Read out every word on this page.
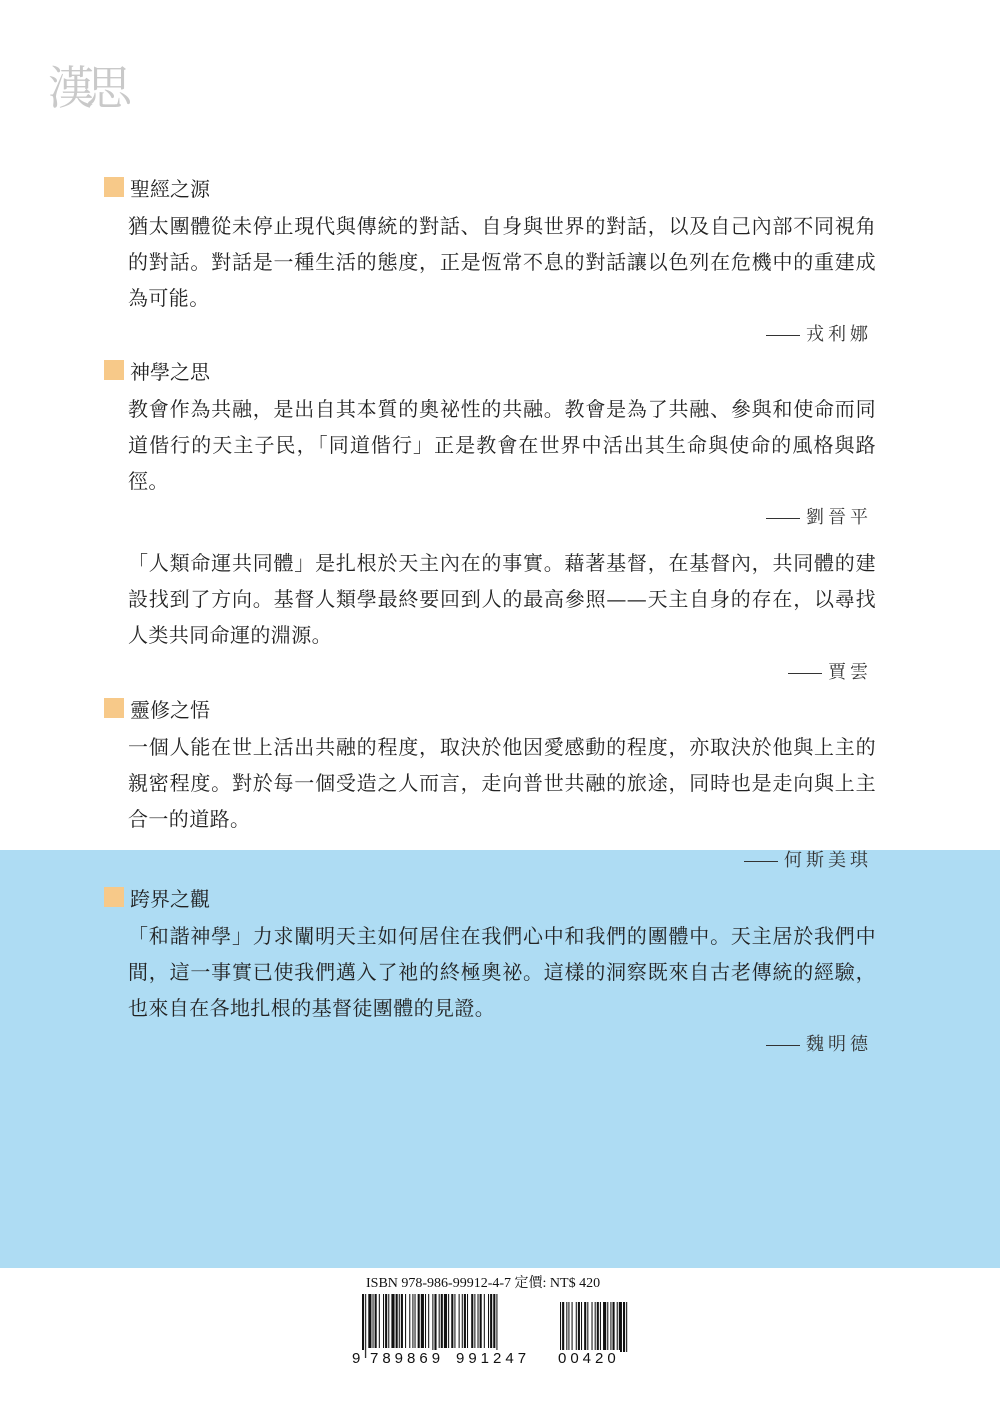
漢思
聖經之源

猶太團體從未停止現代與傳統的對話、自身與世界的對話，以及自己內部不同視角的對話。對話是一種生活的態度，正是恆常不息的對話讓以色列在危機中的重建成為可能。

戎利娜
神學之思

教會作為共融，是出自其本質的奧祕性的共融。教會是為了共融、參與和使命而同道偕行的天主子民，「同道偕行」正是教會在世界中活出其生命與使命的風格與路徑。

劉晉平

「人類命運共同體」是扎根於天主內在的事實。藉著基督，在基督內，共同體的建設找到了方向。基督人類學最終要回到人的最高參照——天主自身的存在，以尋找人类共同命運的淵源。

賈雲
靈修之悟

一個人能在世上活出共融的程度，取決於他因愛感動的程度，亦取決於他與上主的親密程度。對於每一個受造之人而言，走向普世共融的旅途，同時也是走向與上主合一的道路。

何斯美琪
跨界之觀

「和諧神學」力求闡明天主如何居住在我們心中和我們的團體中。天主居於我們中間，這一事實已使我們邁入了祂的終極奧祕。這樣的洞察既來自古老傳統的經驗，也來自在各地扎根的基督徒團體的見證。

魏明德
ISBN 978-986-99912-4-7 定價: NT$ 420
9 789869 991247 00420
